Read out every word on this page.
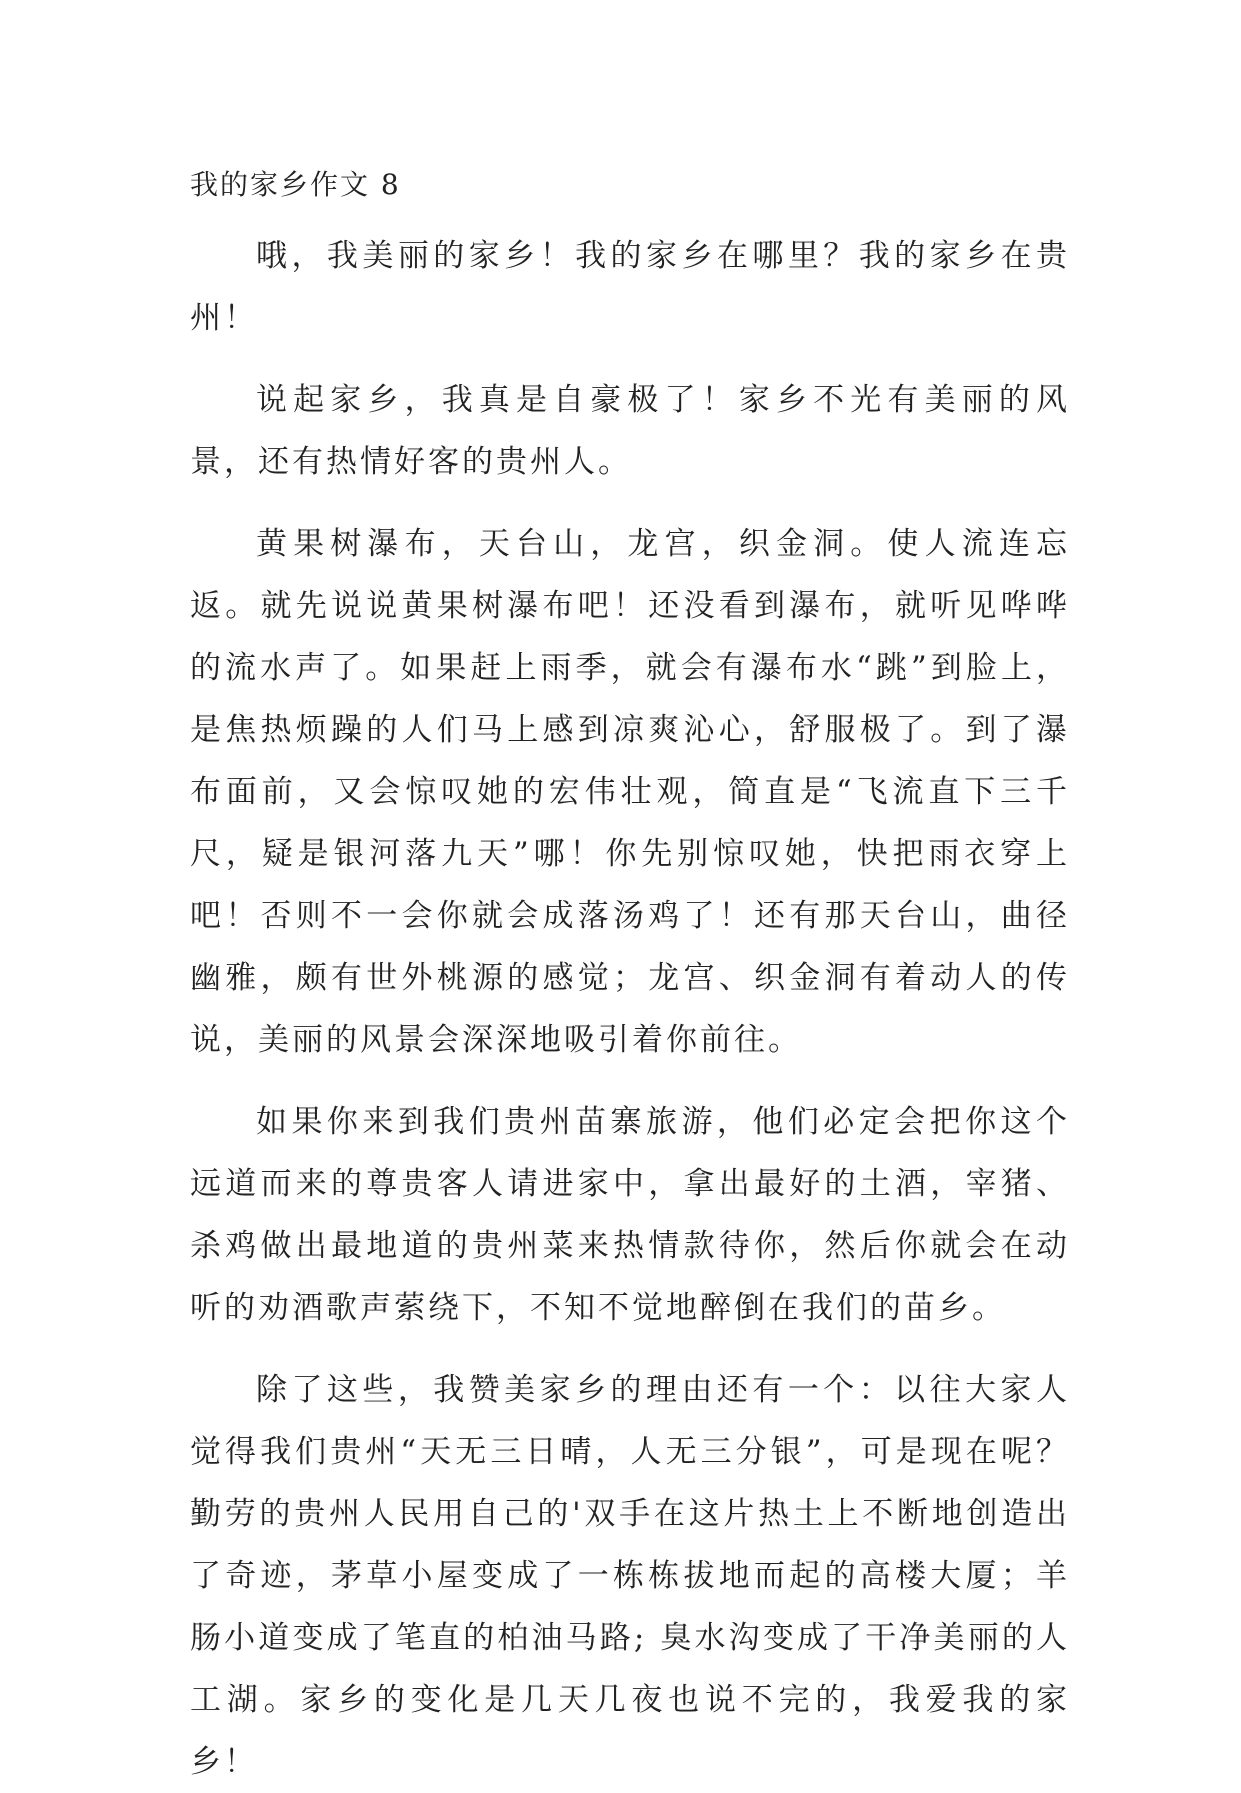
我的家乡作文 8

哦，我美丽的家乡！我的家乡在哪里？我的家乡在贵州！

说起家乡，我真是自豪极了！家乡不光有美丽的风景，还有热情好客的贵州人。

黄果树瀑布，天台山，龙宫，织金洞。使人流连忘返。就先说说黄果树瀑布吧！还没看到瀑布，就听见哗哗的流水声了。如果赶上雨季，就会有瀑布水“跳”到脸上，是焦热烦躁的人们马上感到凉爽沁心，舒服极了。到了瀑布面前，又会惊叹她的宏伟壮观，简直是“飞流直下三千尺，疑是银河落九天”哪！你先别惊叹她，快把雨衣穿上吧！否则不一会你就会成落汤鸡了！还有那天台山，曲径幽雅，颇有世外桃源的感觉；龙宫、织金洞有着动人的传说，美丽的风景会深深地吸引着你前往。

如果你来到我们贵州苗寨旅游，他们必定会把你这个远道而来的尊贵客人请进家中，拿出最好的土酒，宰猪、杀鸡做出最地道的贵州菜来热情款待你，然后你就会在动听的劝酒歌声萦绕下，不知不觉地醉倒在我们的苗乡。

除了这些，我赞美家乡的理由还有一个：以往大家人觉得我们贵州“天无三日晴，人无三分银”，可是现在呢？勤劳的贵州人民用自己的'双手在这片热土上不断地创造出了奇迹，茅草小屋变成了一栋栋拔地而起的高楼大厦；羊肠小道变成了笔直的柏油马路; 臭水沟变成了干净美丽的人工湖。家乡的变化是几天几夜也说不完的，我爱我的家乡！
